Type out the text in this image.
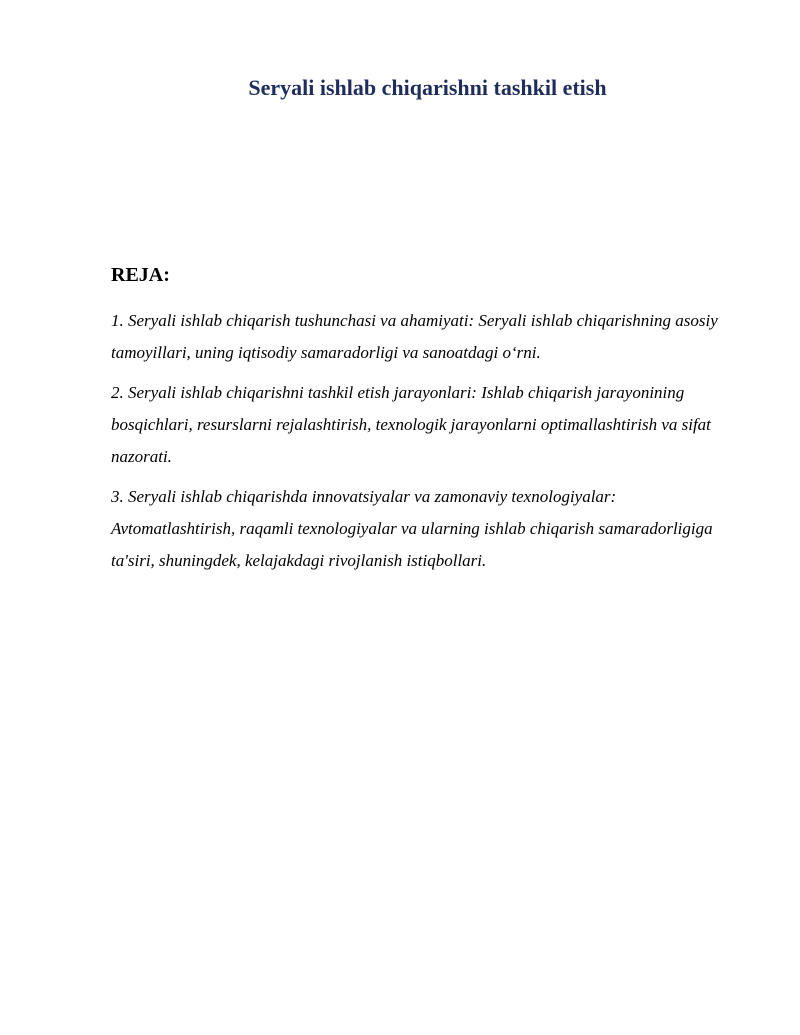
Seryali ishlab chiqarishni tashkil etish
REJA:
1. Seryali ishlab chiqarish tushunchasi va ahamiyati: Seryali ishlab chiqarishning asosiy tamoyillari, uning iqtisodiy samaradorligi va sanoatdagi o‘rni.
2. Seryali ishlab chiqarishni tashkil etish jarayonlari: Ishlab chiqarish jarayonining bosqichlari, resurslarni rejalashtirish, texnologik jarayonlarni optimallashtirish va sifat nazorati.
3. Seryali ishlab chiqarishda innovatsiyalar va zamonaviy texnologiyalar: Avtomatlashtirish, raqamli texnologiyalar va ularning ishlab chiqarish samaradorligiga ta'siri, shuningdek, kelajakdagi rivojlanish istiqbollari.
